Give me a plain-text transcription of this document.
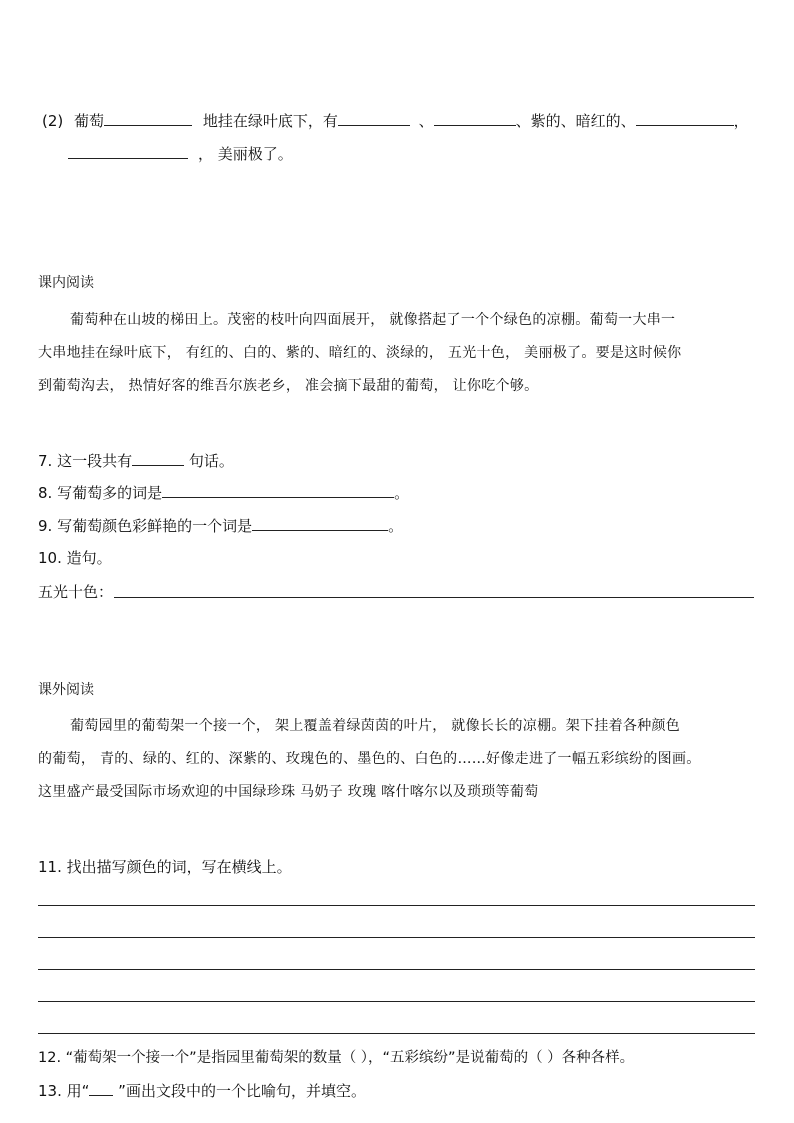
(2) 葡萄	地挂在绿叶底下，有	、	、紫的、暗红的、	，
， 美丽极了。
课内阅读
葡萄种在山坡的梯田上。茂密的枝叶向四面展开， 就像搭起了一个个绿色的凉棚。葡萄一大串一
大串地挂在绿叶底下， 有红的、白的、紫的、暗红的、淡绿的， 五光十色， 美丽极了。要是这时候你
到葡萄沟去， 热情好客的维吾尔族老乡， 准会摘下最甜的葡萄， 让你吃个够。
7. 这一段共有	句话。
8. 写葡萄多的词是	。
9. 写葡萄颜色彩鲜艳的一个词是	。
10. 造句。
五光十色：
课外阅读
葡萄园里的葡萄架一个接一个， 架上覆盖着绿茵茵的叶片， 就像长长的凉棚。架下挂着各种颜色
的葡萄， 青的、绿的、红的、深紫的、玫瑰色的、墨色的、白色的……好像走进了一幅五彩缤纷的图画。
这里盛产最受国际市场欢迎的中国绿珍珠 马奶子 玫瑰 喀什喀尔以及琐琐等葡萄
11. 找出描写颜色的词，写在横线上。
12. “葡萄架一个接一个”是指园里葡萄架的数量（ ），“五彩缤纷”是说葡萄的（ ）各种各样。
13. 用“ ”画出文段中的一个比喻句，并填空。
